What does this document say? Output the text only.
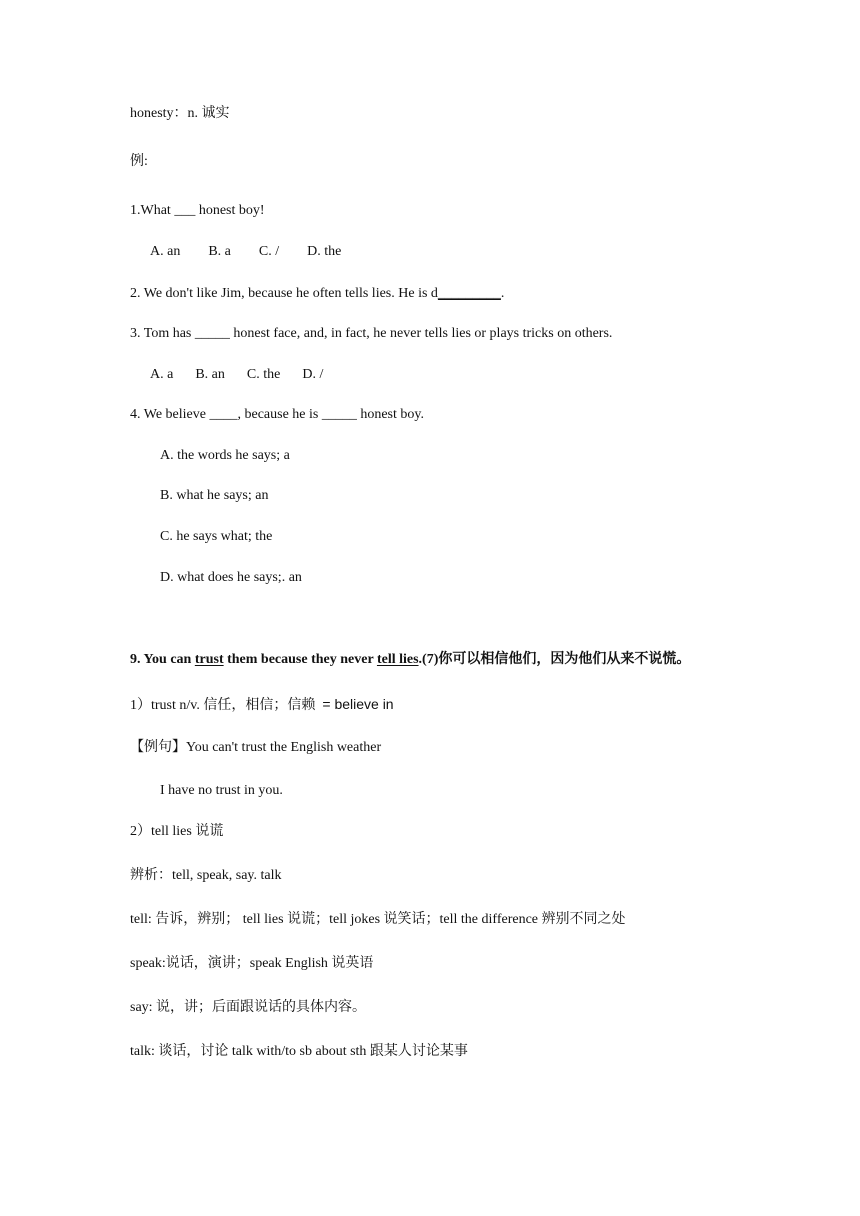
honesty：n. 诚实
例:
1.What ___ honest boy!
A. an B. a C. / D. the
2. We don't like Jim, because he often tells lies. He is d_________.
3. Tom has _____ honest face, and, in fact, he never tells lies or plays tricks on others.
A. a B. an C. the D. /
4. We believe ____, because he is _____ honest boy.
A. the words he says; a
B. what he says; an
C. he says what; the
D. what does he says;. an
9. You can trust them because they never tell lies.(7)你可以相信他们，因为他们从来不说慌。
1）trust n/v. 信任，相信；信赖 = believe in
【例句】You can't trust the English weather
I have no trust in you.
2）tell lies 说谎
辨析：tell, speak, say. talk
tell: 告诉，辨别； tell lies 说谎；tell jokes 说笑话；tell the difference 辨别不同之处
speak:说话，演讲；speak English 说英语
say: 说，讲；后面跟说话的具体内容。
talk: 谈话，讨论 talk with/to sb about sth 跟某人讨论某事
